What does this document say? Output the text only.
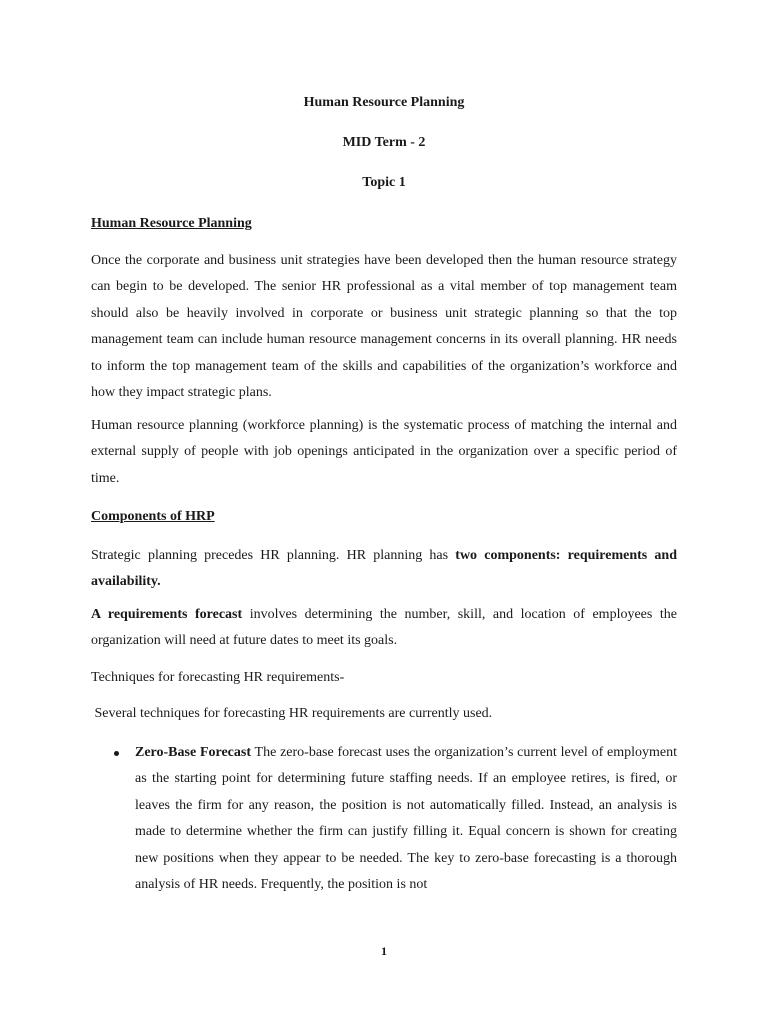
Human Resource Planning

MID Term - 2

Topic 1

Human Resource Planning

Once the corporate and business unit strategies have been developed then the human resource strategy can begin to be developed. The senior HR professional as a vital member of top management team should also be heavily involved in corporate or business unit strategic planning so that the top management team can include human resource management concerns in its overall planning. HR needs to inform the top management team of the skills and capabilities of the organization’s workforce and how they impact strategic plans.

Human resource planning (workforce planning) is the systematic process of matching the internal and external supply of people with job openings anticipated in the organization over a specific period of time.

Components of HRP

Strategic planning precedes HR planning. HR planning has two components: requirements and availability.

A requirements forecast involves determining the number, skill, and location of employees the organization will need at future dates to meet its goals.

Techniques for forecasting HR requirements-

Several techniques for forecasting HR requirements are currently used.

Zero-Base Forecast The zero-base forecast uses the organization’s current level of employment as the starting point for determining future staffing needs. If an employee retires, is fired, or leaves the firm for any reason, the position is not automatically filled. Instead, an analysis is made to determine whether the firm can justify filling it. Equal concern is shown for creating new positions when they appear to be needed. The key to zero-base forecasting is a thorough analysis of HR needs. Frequently, the position is not

1
